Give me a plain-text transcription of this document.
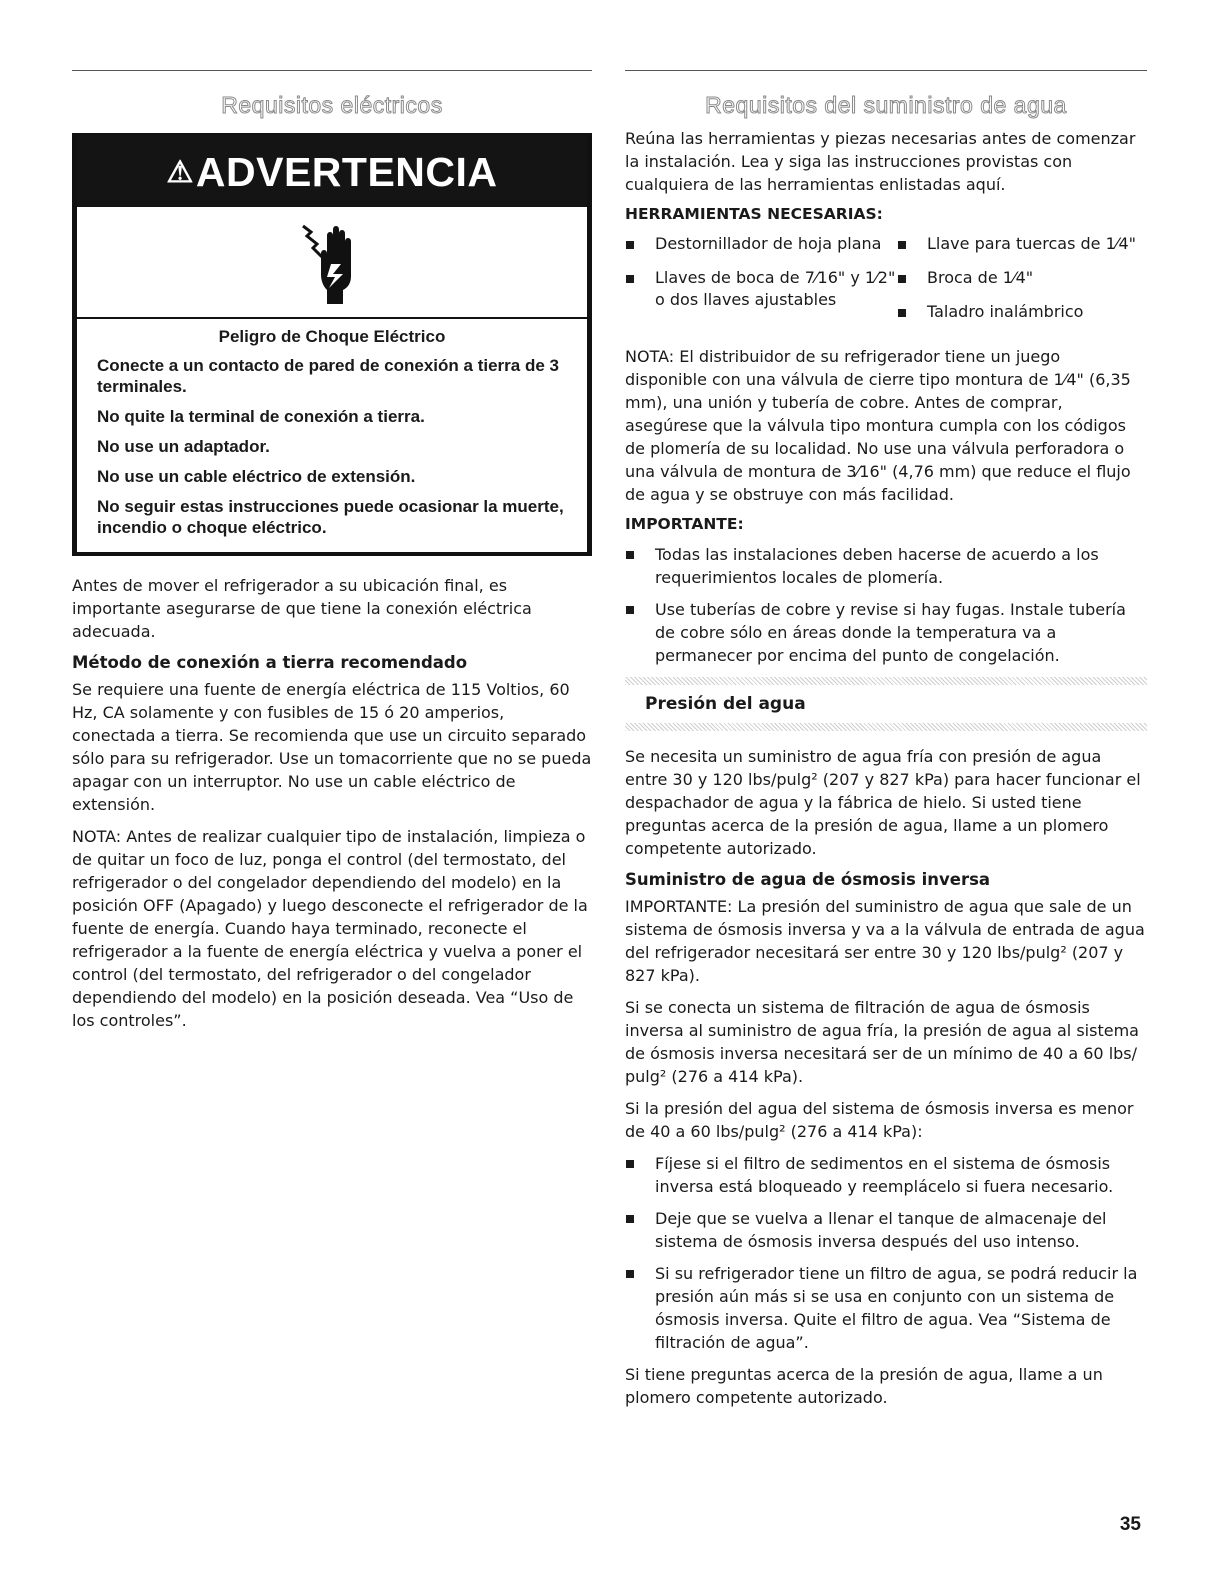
Requisitos eléctricos
⚠ADVERTENCIA
Peligro de Choque Eléctrico

Conecte a un contacto de pared de conexión a tierra de 3 terminales.

No quite la terminal de conexión a tierra.

No use un adaptador.

No use un cable eléctrico de extensión.

No seguir estas instrucciones puede ocasionar la muerte, incendio o choque eléctrico.

Antes de mover el refrigerador a su ubicación final, es importante asegurarse de que tiene la conexión eléctrica adecuada.

Método de conexión a tierra recomendado

Se requiere una fuente de energía eléctrica de 115 Voltios, 60 Hz, CA solamente y con fusibles de 15 ó 20 amperios, conectada a tierra. Se recomienda que use un circuito separado sólo para su refrigerador. Use un tomacorriente que no se pueda apagar con un interruptor. No use un cable eléctrico de extensión.

NOTA: Antes de realizar cualquier tipo de instalación, limpieza o de quitar un foco de luz, ponga el control (del termostato, del refrigerador o del congelador dependiendo del modelo) en la posición OFF (Apagado) y luego desconecte el refrigerador de la fuente de energía. Cuando haya terminado, reconecte el refrigerador a la fuente de energía eléctrica y vuelva a poner el control (del termostato, del refrigerador o del congelador dependiendo del modelo) en la posición deseada. Vea “Uso de los controles”.

Requisitos del suministro de agua

Reúna las herramientas y piezas necesarias antes de comenzar la instalación. Lea y siga las instrucciones provistas con cualquiera de las herramientas enlistadas aquí.

HERRAMIENTAS NECESARIAS:
Destornillador de hoja plana
Llaves de boca de 7⁄16" y 1⁄2"
o dos llaves ajustables
Llave para tuercas de 1⁄4"
Broca de 1⁄4"
Taladro inalámbrico

NOTA: El distribuidor de su refrigerador tiene un juego disponible con una válvula de cierre tipo montura de 1⁄4" (6,35 mm), una unión y tubería de cobre. Antes de comprar, asegúrese que la válvula tipo montura cumpla con los códigos de plomería de su localidad. No use una válvula perforadora o una válvula de montura de 3⁄16" (4,76 mm) que reduce el flujo de agua y se obstruye con más facilidad.

IMPORTANTE:
Todas las instalaciones deben hacerse de acuerdo a los requerimientos locales de plomería.
Use tuberías de cobre y revise si hay fugas. Instale tubería de cobre sólo en áreas donde la temperatura va a permanecer por encima del punto de congelación.
Presión del agua

Se necesita un suministro de agua fría con presión de agua entre 30 y 120 lbs/pulg² (207 y 827 kPa) para hacer funcionar el despachador de agua y la fábrica de hielo. Si usted tiene preguntas acerca de la presión de agua, llame a un plomero competente autorizado.

Suministro de agua de ósmosis inversa

IMPORTANTE: La presión del suministro de agua que sale de un sistema de ósmosis inversa y va a la válvula de entrada de agua del refrigerador necesitará ser entre 30 y 120 lbs/pulg² (207 y 827 kPa).

Si se conecta un sistema de filtración de agua de ósmosis inversa al suministro de agua fría, la presión de agua al sistema de ósmosis inversa necesitará ser de un mínimo de 40 a 60 lbs/ pulg² (276 a 414 kPa).

Si la presión del agua del sistema de ósmosis inversa es menor de 40 a 60 lbs/pulg² (276 a 414 kPa):

Fíjese si el filtro de sedimentos en el sistema de ósmosis inversa está bloqueado y reemplácelo si fuera necesario.
Deje que se vuelva a llenar el tanque de almacenaje del sistema de ósmosis inversa después del uso intenso.
Si su refrigerador tiene un filtro de agua, se podrá reducir la presión aún más si se usa en conjunto con un sistema de ósmosis inversa. Quite el filtro de agua. Vea “Sistema de filtración de agua”.

Si tiene preguntas acerca de la presión de agua, llame a un plomero competente autorizado.

35
